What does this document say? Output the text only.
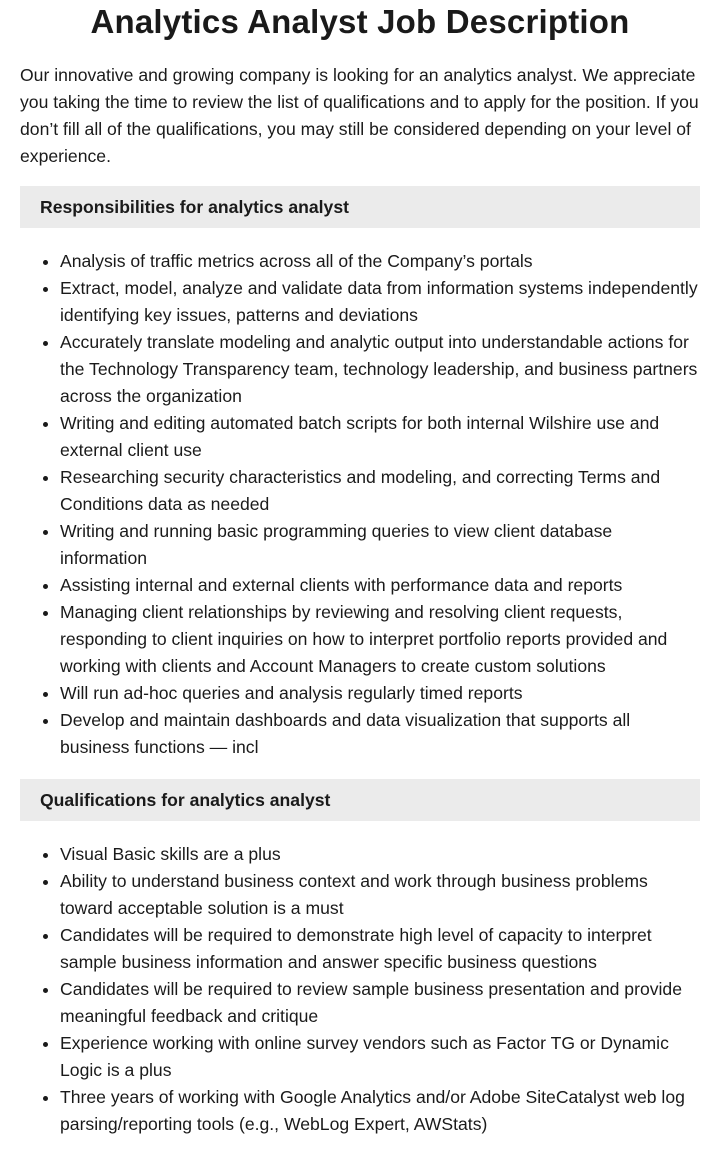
Analytics Analyst Job Description

Our innovative and growing company is looking for an analytics analyst. We appreciate you taking the time to review the list of qualifications and to apply for the position. If you don’t fill all of the qualifications, you may still be considered depending on your level of experience.

Responsibilities for analytics analyst
• Analysis of traffic metrics across all of the Company’s portals
• Extract, model, analyze and validate data from information systems independently identifying key issues, patterns and deviations
• Accurately translate modeling and analytic output into understandable actions for the Technology Transparency team, technology leadership, and business partners across the organization
• Writing and editing automated batch scripts for both internal Wilshire use and external client use
• Researching security characteristics and modeling, and correcting Terms and Conditions data as needed
• Writing and running basic programming queries to view client database information
• Assisting internal and external clients with performance data and reports
• Managing client relationships by reviewing and resolving client requests, responding to client inquiries on how to interpret portfolio reports provided and working with clients and Account Managers to create custom solutions
• Will run ad-hoc queries and analysis regularly timed reports
• Develop and maintain dashboards and data visualization that supports all business functions — incl
Qualifications for analytics analyst
• Visual Basic skills are a plus
• Ability to understand business context and work through business problems toward acceptable solution is a must
• Candidates will be required to demonstrate high level of capacity to interpret sample business information and answer specific business questions
• Candidates will be required to review sample business presentation and provide meaningful feedback and critique
• Experience working with online survey vendors such as Factor TG or Dynamic Logic is a plus
• Three years of working with Google Analytics and/or Adobe SiteCatalyst web log parsing/reporting tools (e.g., WebLog Expert, AWStats)
